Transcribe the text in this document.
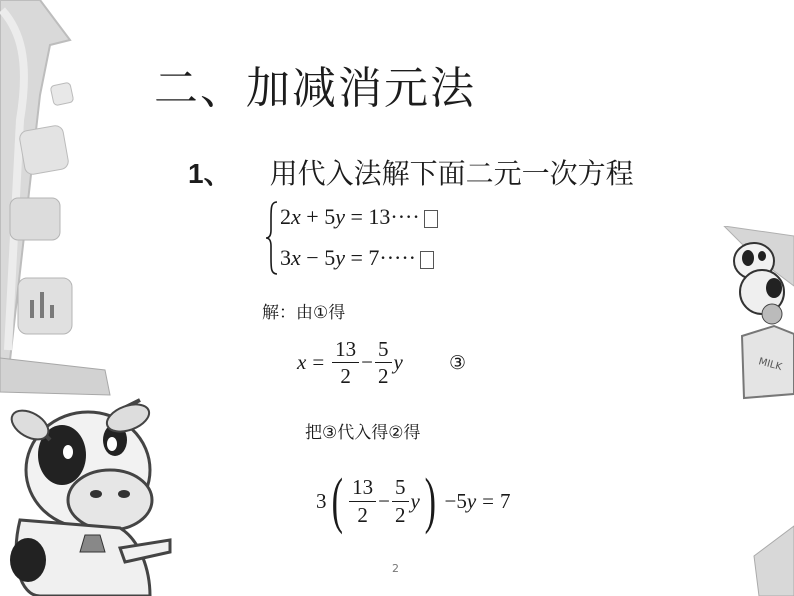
MILK
二、加减消元法
1、 用代入法解下面二元一次方程
2x + 5y = 13····
3x − 5y = 7·····
解：由①得
$x = \frac{13}{2} - \frac{5}{2}$ y ③
把③代入得②得
3 ( $\frac{13}{2} - \frac{5}{2}$ y ) −5 y = 7
2
